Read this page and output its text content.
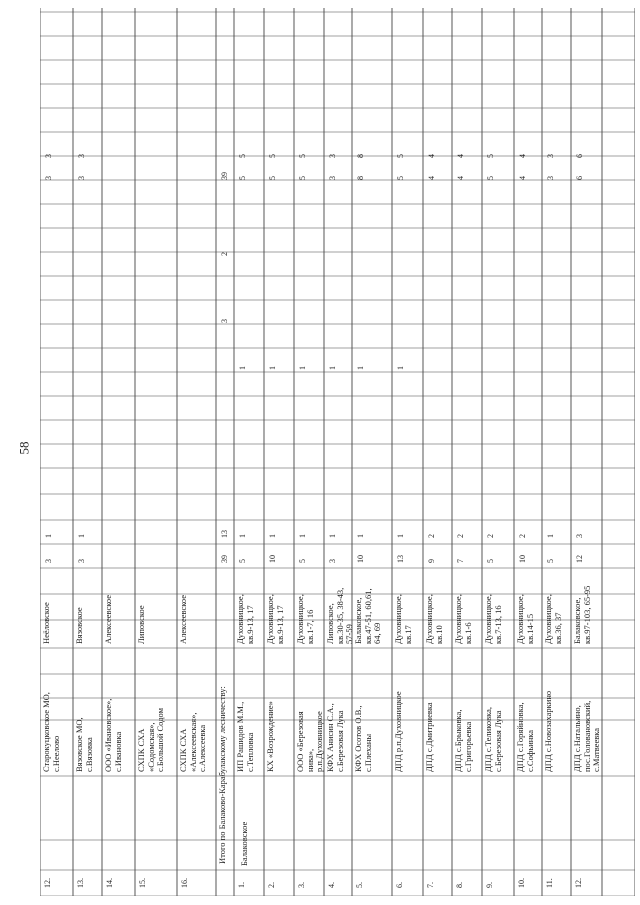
58
12.
Старокуцковское МО, с.Неелово
Неёловское
3
1
3
3
13.
Вязовское МО, с.Вязовка
Вязовское
3
1
3
3
14.
ООО «Ивановское», с.Ивановка
Алексеевское
15.
СХПК СХА «Содомская», с.Большой Содом
Липовское
16.
СХПК СХА «Алексеевская», с.Алексеевка
Алексеевское
1.
ИП Рашидов М.М., с.Тепловка
Духовницкое, кв.9-13, 17
5
1
5
5
1
2.
КХ «Возрождение»
Духовницкое, кв.9-13, 17
10
1
5
5
1
3.
ООО «Березовая нива», р.п.Духовницкое
Духовницкое, кв.1-7, 16
5
1
5
5
1
4.
КФХ Анисин С.А., с.Березовая Лука
Липовское, кв.30-35, 38-43, 57-59
3
1
3
3
1
5.
КФХ Осотов О.В., с.Плеханы
Балаковское, кв.47-51, 60,61, 64, 69
10
1
8
8
1
6.
ДПД р.п.Духовницкое
Духовницкое, кв.17
13
1
5
5
1
7.
ДПД с.Дмитриевка
Духовницкое, кв.10
9
2
4
4
8.
ДПД с.Брыковка, с.Григорьевка
Духовницкое, кв.1-6
7
2
4
4
9.
ДПД с.Теликовка, с.Березовая Лука
Духовницкое, кв.7-13, 16
5
2
5
5
10.
ДПД с.Горяйновка, с.Софьинка
Духовницкое, кв.14-15
10
2
4
4
11.
ДПД с.Новозахаркино
Духовницкое, кв.36, 37
5
1
3
3
12.
ДПД с.Натальино, пос.Головановский, с.Матвеевка
Балаковское, кв.97-103, 65-95
12
3
6
6
Балаковское
Итого по Балаково-Карабулакскому лесничеству:
39
13
3
2
39
